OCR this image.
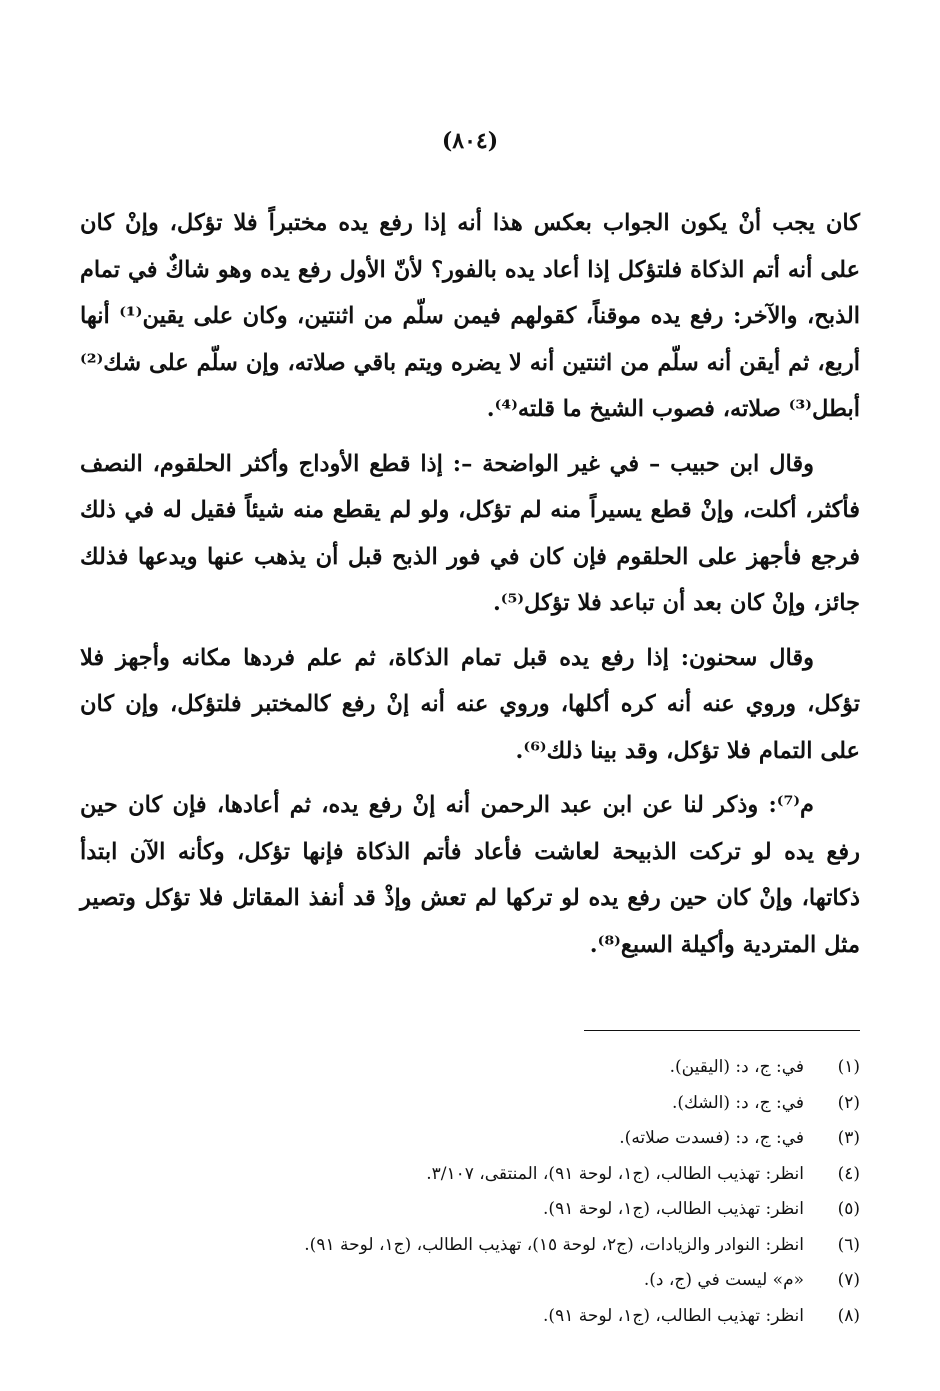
(٨٠٤)

كان يجب أنْ يكون الجواب بعكس هذا أنه إذا رفع يده مختبراً فلا تؤكل، وإنْ كان على أنه أتم الذكاة فلتؤكل إذا أعاد يده بالفور؟ لأنّ الأول رفع يده وهو شاكٌ في تمام الذبح، والآخر: رفع يده موقناً، كقولهم فيمن سلّم من اثنتين، وكان على يقين⁽¹⁾ أنها أربع، ثم أيقن أنه سلّم من اثنتين أنه لا يضره ويتم باقي صلاته، وإن سلّم على شك⁽²⁾ أبطل⁽³⁾ صلاته، فصوب الشيخ ما قلته⁽⁴⁾.

وقال ابن حبيب – في غير الواضحة –: إذا قطع الأوداج وأكثر الحلقوم، النصف فأكثر، أكلت، وإنْ قطع يسيراً منه لم تؤكل، ولو لم يقطع منه شيئاً فقيل له في ذلك فرجع فأجهز على الحلقوم فإن كان في فور الذبح قبل أن يذهب عنها ويدعها فذلك جائز، وإنْ كان بعد أن تباعد فلا تؤكل⁽⁵⁾.

وقال سحنون: إذا رفع يده قبل تمام الذكاة، ثم علم فردها مكانه وأجهز فلا تؤكل، وروي عنه أنه كره أكلها، وروي عنه أنه إنْ رفع كالمختبر فلتؤكل، وإن كان على التمام فلا تؤكل، وقد بينا ذلك⁽⁶⁾.

م⁽⁷⁾: وذكر لنا عن ابن عبد الرحمن أنه إنْ رفع يده، ثم أعادها، فإن كان حين رفع يده لو تركت الذبيحة لعاشت فأعاد فأتم الذكاة فإنها تؤكل، وكأنه الآن ابتدأ ذكاتها، وإنْ كان حين رفع يده لو تركها لم تعش وإذْ قد أنفذ المقاتل فلا تؤكل وتصير مثل المتردية وأكيلة السبع⁽⁸⁾.

(١)
في: ج، د: (اليقين).
(٢)
في: ج، د: (الشك).
(٣)
في: ج، د: (فسدت صلاته).
(٤)
انظر: تهذيب الطالب، (ج١، لوحة ٩١)، المنتقى، ٣/١٠٧.
(٥)
انظر: تهذيب الطالب، (ج١، لوحة ٩١).
(٦)
انظر: النوادر والزيادات، (ج٢، لوحة ١٥)، تهذيب الطالب، (ج١، لوحة ٩١).
(٧)
«م» ليست في (ج، د).
(٨)
انظر: تهذيب الطالب، (ج١، لوحة ٩١).
